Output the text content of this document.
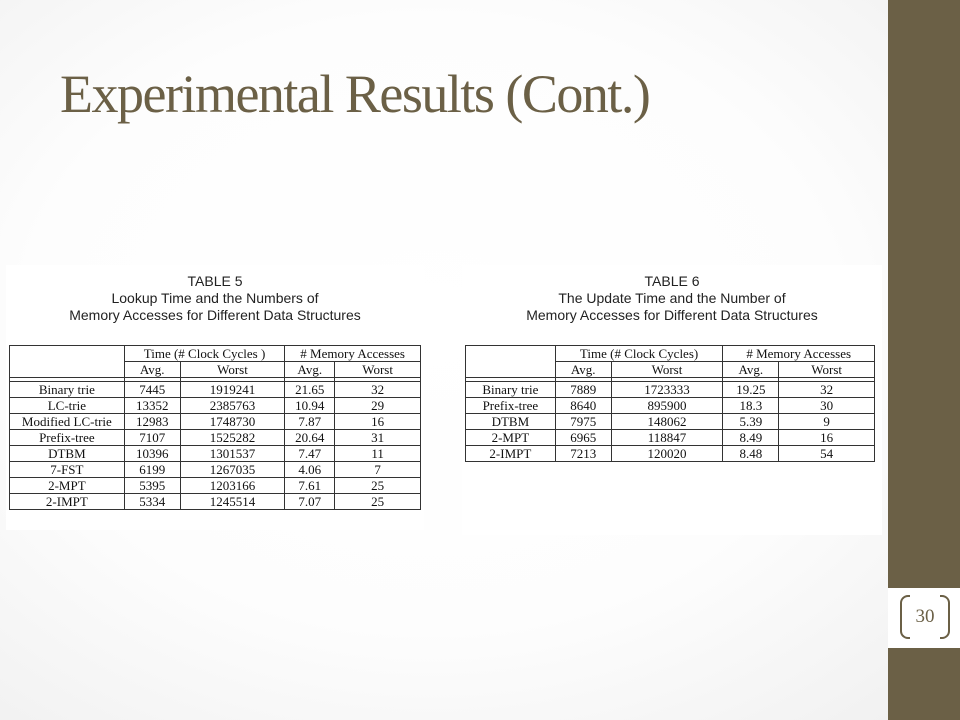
30
Experimental Results (Cont.)
TABLE 5
Lookup Time and the Numbers of
Memory Accesses for Different Data Structures
	Time (# Clock Cycles )		# Memory Accesses	
	Avg.	Worst	Avg.	Worst

Binary trie	7445	1919241	21.65	32
LC-trie	13352	2385763	10.94	29
Modified LC-trie	12983	1748730	7.87	16
Prefix-tree	7107	1525282	20.64	31
DTBM	10396	1301537	7.47	11
7-FST	6199	1267035	4.06	7
2-MPT	5395	1203166	7.61	25
2-IMPT	5334	1245514	7.07	25
TABLE 6
The Update Time and the Number of
Memory Accesses for Different Data Structures
	Time (# Clock Cycles)		# Memory Accesses	
	Avg.	Worst	Avg.	Worst

Binary trie	7889	1723333	19.25	32
Prefix-tree	8640	895900	18.3	30
DTBM	7975	148062	5.39	9
2-MPT	6965	118847	8.49	16
2-IMPT	7213	120020	8.48	54
